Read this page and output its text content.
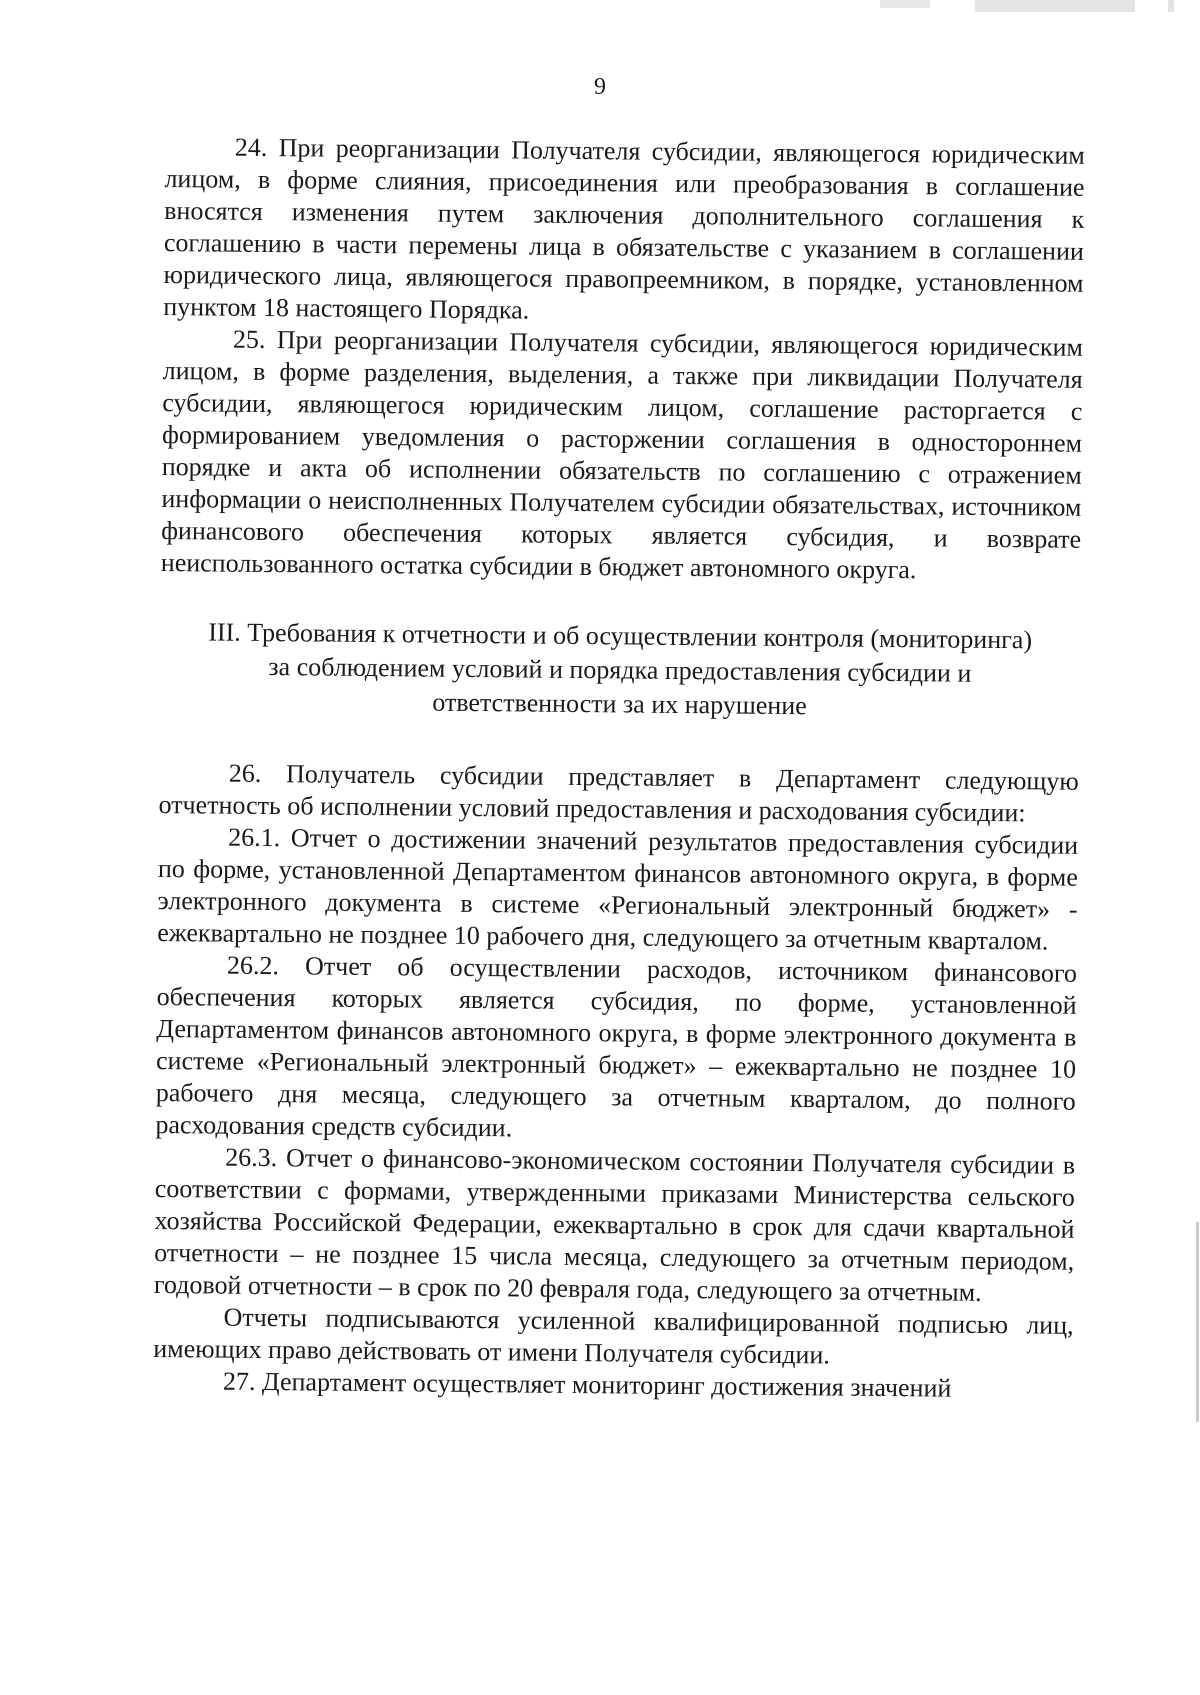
9

24. При реорганизации Получателя субсидии, являющегося юридическим лицом, в форме слияния, присоединения или преобразования в соглашение вносятся изменения путем заключения дополнительного соглашения к соглашению в части перемены лица в обязательстве с указанием в соглашении юридического лица, являющегося правопреемником, в порядке, установленном пунктом 18 настоящего Порядка.

25. При реорганизации Получателя субсидии, являющегося юридическим лицом, в форме разделения, выделения, а также при ликвидации Получателя субсидии, являющегося юридическим лицом, соглашение расторгается с формированием уведомления о расторжении соглашения в одностороннем порядке и акта об исполнении обязательств по соглашению с отражением информации о неисполненных Получателем субсидии обязательствах, источником финансового обеспечения которых является субсидия, и возврате неиспользованного остатка субсидии в бюджет автономного округа.

III. Требования к отчетности и об осуществлении контроля (мониторинга)
за соблюдением условий и порядка предоставления субсидии и
ответственности за их нарушение

26. Получатель субсидии представляет в Департамент следующую отчетность об исполнении условий предоставления и расходования субсидии:

26.1. Отчет о достижении значений результатов предоставления субсидии по форме, установленной Департаментом финансов автономного округа, в форме электронного документа в системе «Региональный электронный бюджет» - ежеквартально не позднее 10 рабочего дня, следующего за отчетным кварталом.

26.2. Отчет об осуществлении расходов, источником финансового обеспечения которых является субсидия, по форме, установленной Департаментом финансов автономного округа, в форме электронного документа в системе «Региональный электронный бюджет» – ежеквартально не позднее 10 рабочего дня месяца, следующего за отчетным кварталом, до полного расходования средств субсидии.

26.3. Отчет о финансово-экономическом состоянии Получателя субсидии в соответствии с формами, утвержденными приказами Министерства сельского хозяйства Российской Федерации, ежеквартально в срок для сдачи квартальной отчетности – не позднее 15 числа месяца, следующего за отчетным периодом, годовой отчетности – в срок по 20 февраля года, следующего за отчетным.

Отчеты подписываются усиленной квалифицированной подписью лиц, имеющих право действовать от имени Получателя субсидии.

27. Департамент осуществляет мониторинг достижения значений
